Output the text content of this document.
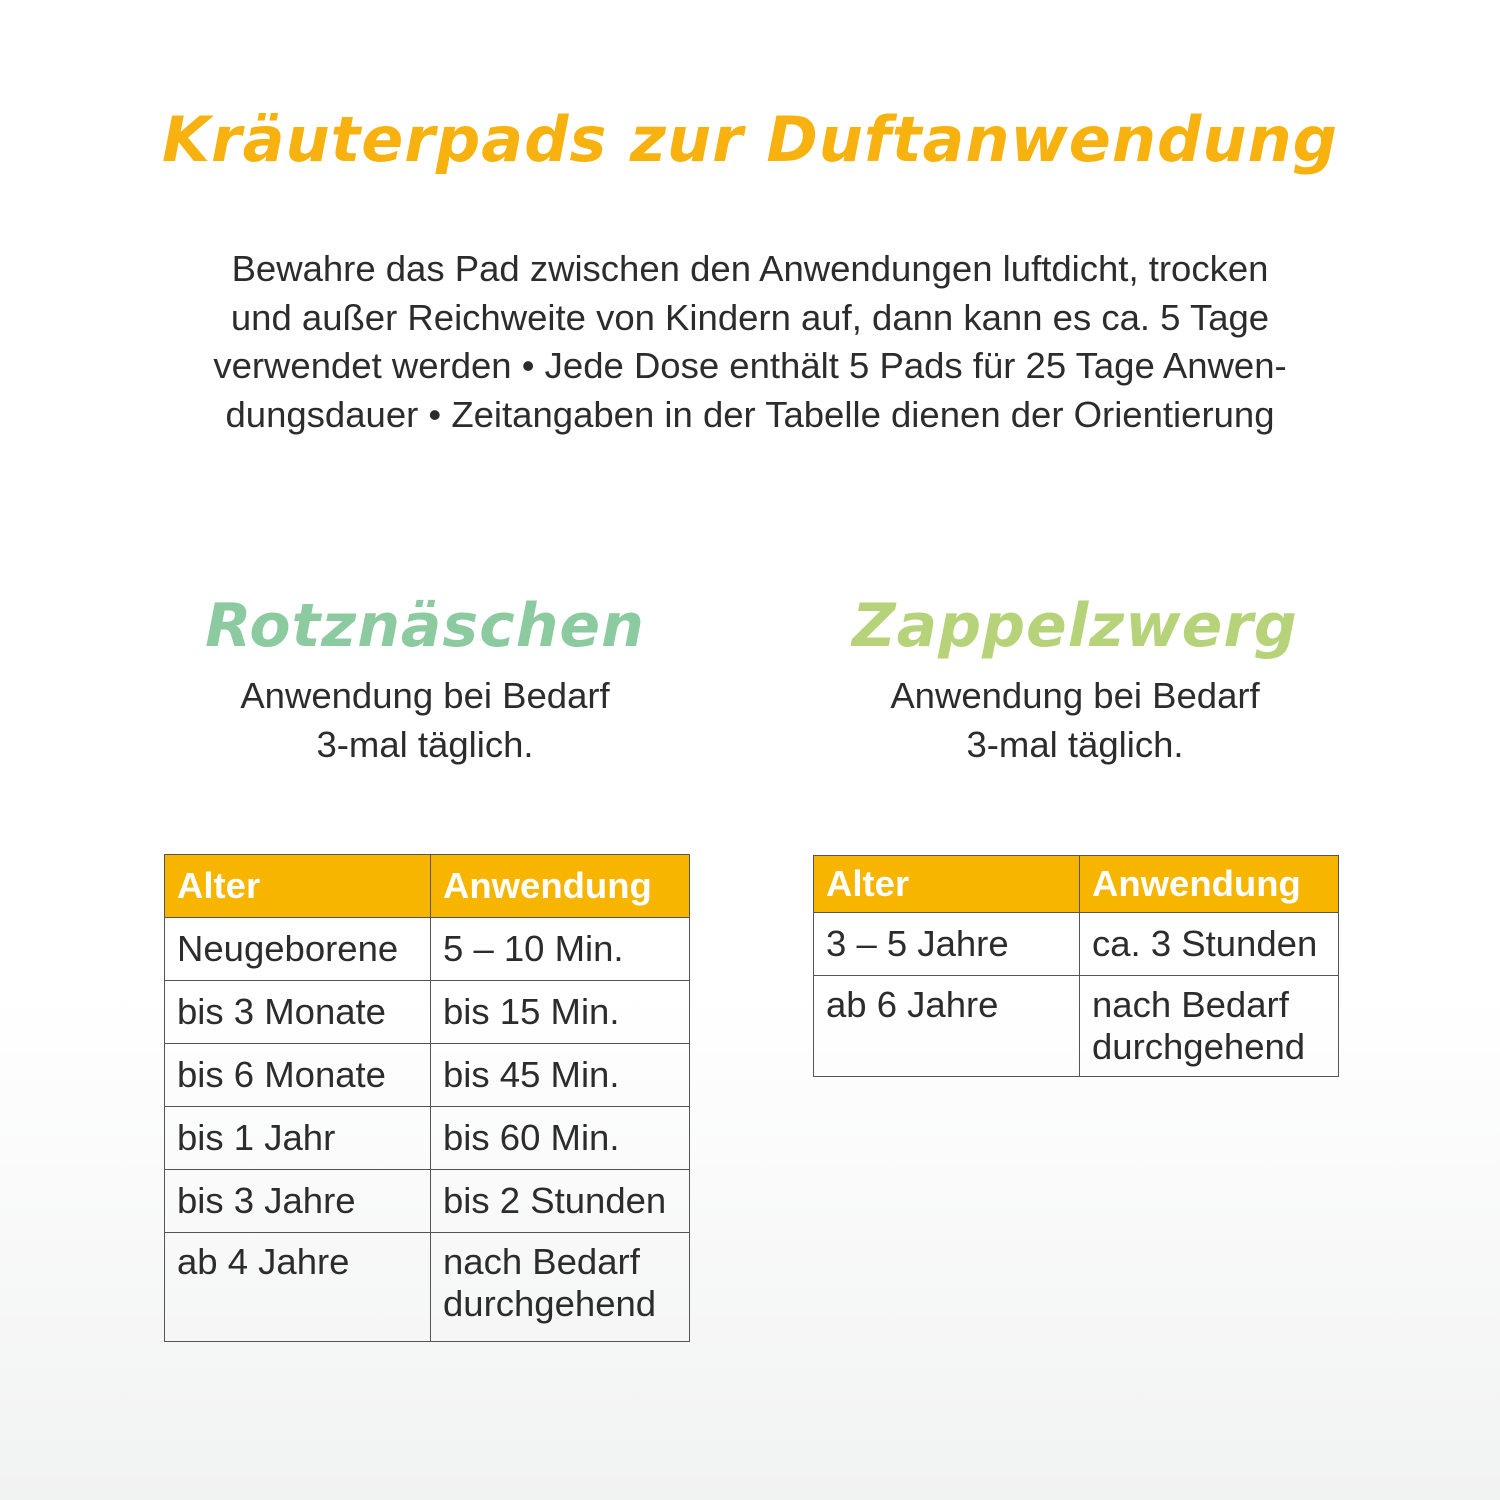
Kräuterpads zur Duftanwendung

Bewahre das Pad zwischen den Anwendungen luftdicht, trocken
und außer Reichweite von Kindern auf, dann kann es ca. 5 Tage
verwendet werden • Jede Dose enthält 5 Pads für 25 Tage Anwen-
dungsdauer • Zeitangaben in der Tabelle dienen der Orientierung

Rotznäschen

Anwendung bei Bedarf
3-mal täglich.

Zappelzwerg

Anwendung bei Bedarf
3-mal täglich.

Alter	Anwendung
Neugeborene	5 – 10 Min.
bis 3 Monate	bis 15 Min.
bis 6 Monate	bis 45 Min.
bis 1 Jahr	bis 60 Min.
bis 3 Jahre	bis 2 Stunden
ab 4 Jahre	nach Bedarf
durchgehend
Alter	Anwendung
3 – 5 Jahre	ca. 3 Stunden
ab 6 Jahre	nach Bedarf
durchgehend
